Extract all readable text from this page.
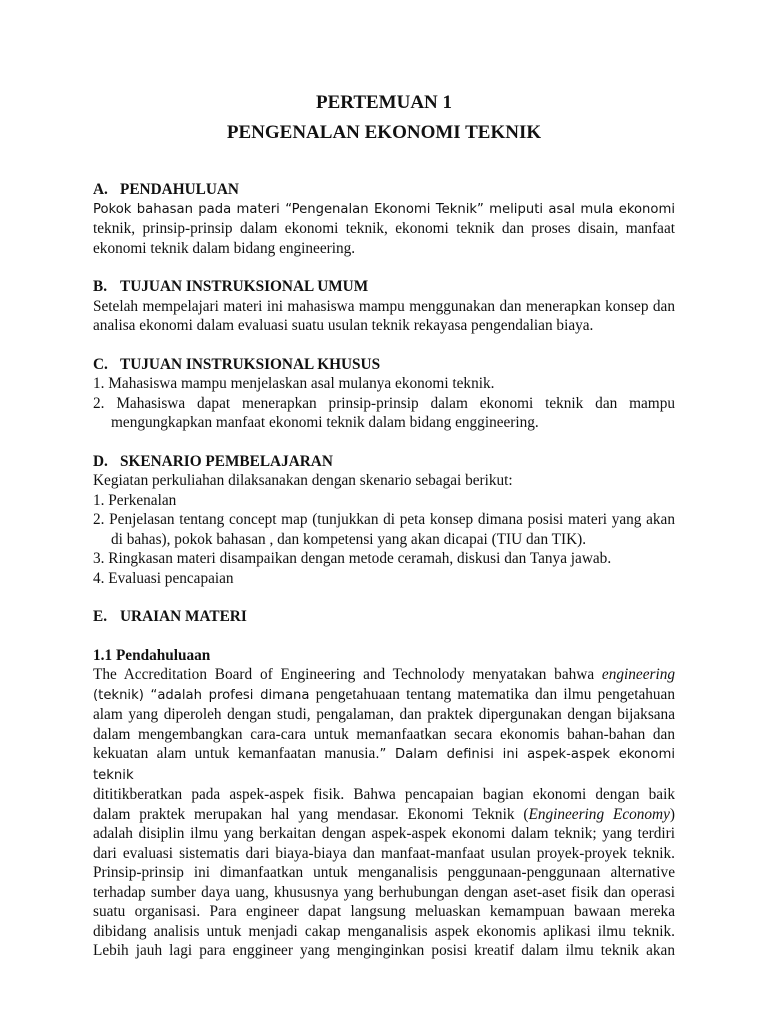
PERTEMUAN 1
PENGENALAN EKONOMI TEKNIK
A. PENDAHULUAN

Pokok bahasan pada materi “Pengenalan Ekonomi Teknik” meliputi asal mula ekonomi

teknik, prinsip-prinsip dalam ekonomi teknik, ekonomi teknik dan proses disain, manfaat ekonomi teknik dalam bidang engineering.

B. TUJUAN INSTRUKSIONAL UMUM

Setelah mempelajari materi ini mahasiswa mampu menggunakan dan menerapkan konsep dan analisa ekonomi dalam evaluasi suatu usulan teknik rekayasa pengendalian biaya.

C. TUJUAN INSTRUKSIONAL KHUSUS

1. Mahasiswa mampu menjelaskan asal mulanya ekonomi teknik.

2. Mahasiswa dapat menerapkan prinsip-prinsip dalam ekonomi teknik dan mampu mengungkapkan manfaat ekonomi teknik dalam bidang enggineering.

D. SKENARIO PEMBELAJARAN

Kegiatan perkuliahan dilaksanakan dengan skenario sebagai berikut:

1. Perkenalan

2. Penjelasan tentang concept map (tunjukkan di peta konsep dimana posisi materi yang akan di bahas), pokok bahasan , dan kompetensi yang akan dicapai (TIU dan TIK).

3. Ringkasan materi disampaikan dengan metode ceramah, diskusi dan Tanya jawab.

4. Evaluasi pencapaian

E. URAIAN MATERI
1.1 Pendahuluaan
The Accreditation Board of Engineering and Technolody menyatakan bahwa engineering
(teknik) “adalah profesi dimana pengetahuaan tentang matematika dan ilmu pengetahuan
alam yang diperoleh dengan studi, pengalaman, dan praktek dipergunakan dengan bijaksana
dalam mengembangkan cara-cara untuk memanfaatkan secara ekonomis bahan-bahan dan
kekuatan alam untuk kemanfaatan manusia.” Dalam definisi ini aspek-aspek ekonomi teknik
dititikberatkan pada aspek-aspek fisik. Bahwa pencapaian bagian ekonomi dengan baik
dalam praktek merupakan hal yang mendasar. Ekonomi Teknik (Engineering Economy)
adalah disiplin ilmu yang berkaitan dengan aspek-aspek ekonomi dalam teknik; yang terdiri
dari evaluasi sistematis dari biaya-biaya dan manfaat-manfaat usulan proyek-proyek teknik.
Prinsip-prinsip ini dimanfaatkan untuk menganalisis penggunaan-penggunaan alternative
terhadap sumber daya uang, khususnya yang berhubungan dengan aset-aset fisik dan operasi
suatu organisasi. Para engineer dapat langsung meluaskan kemampuan bawaan mereka
dibidang analisis untuk menjadi cakap menganalisis aspek ekonomis aplikasi ilmu teknik.
Lebih jauh lagi para enggineer yang menginginkan posisi kreatif dalam ilmu teknik akan
